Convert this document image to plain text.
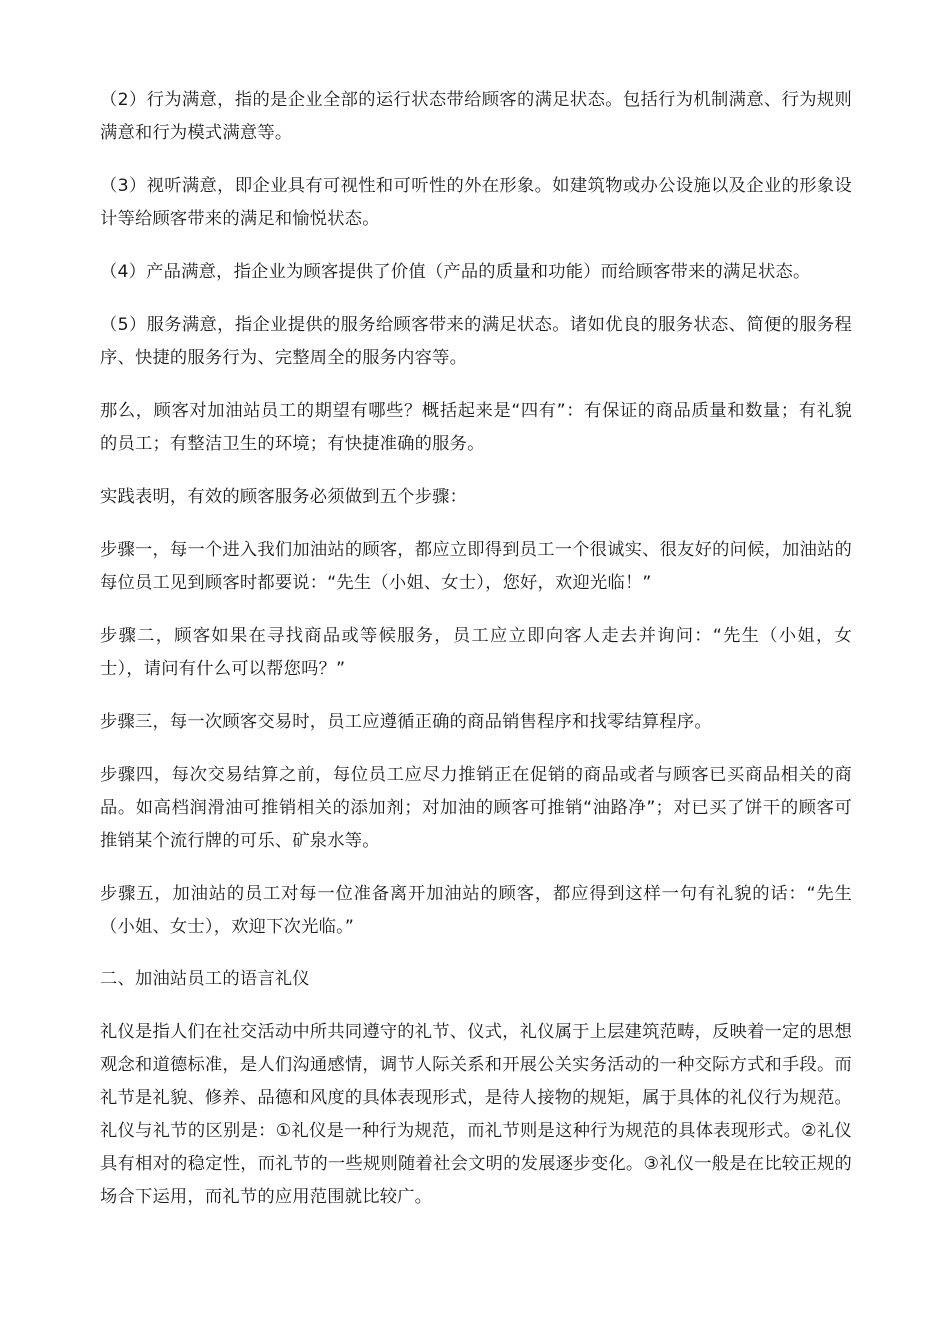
（2）行为满意，指的是企业全部的运行状态带给顾客的满足状态。包括行为机制满意、行为规则满意和行为模式满意等。

（3）视听满意，即企业具有可视性和可听性的外在形象。如建筑物或办公设施以及企业的形象设计等给顾客带来的满足和愉悦状态。

（4）产品满意，指企业为顾客提供了价值（产品的质量和功能）而给顾客带来的满足状态。

（5）服务满意，指企业提供的服务给顾客带来的满足状态。诸如优良的服务状态、简便的服务程序、快捷的服务行为、完整周全的服务内容等。

那么，顾客对加油站员工的期望有哪些？概括起来是“四有”：有保证的商品质量和数量；有礼貌的员工；有整洁卫生的环境；有快捷准确的服务。

实践表明，有效的顾客服务必须做到五个步骤：

步骤一，每一个进入我们加油站的顾客，都应立即得到员工一个很诚实、很友好的问候，加油站的每位员工见到顾客时都要说：“先生（小姐、女士），您好，欢迎光临！”

步骤二，顾客如果在寻找商品或等候服务，员工应立即向客人走去并询问：“先生（小姐，女士），请问有什么可以帮您吗？”

步骤三，每一次顾客交易时，员工应遵循正确的商品销售程序和找零结算程序。

步骤四，每次交易结算之前，每位员工应尽力推销正在促销的商品或者与顾客已买商品相关的商品。如高档润滑油可推销相关的添加剂；对加油的顾客可推销“油路净”；对已买了饼干的顾客可推销某个流行牌的可乐、矿泉水等。

步骤五，加油站的员工对每一位准备离开加油站的顾客，都应得到这样一句有礼貌的话：“先生（小姐、女士），欢迎下次光临。”

二、加油站员工的语言礼仪

礼仪是指人们在社交活动中所共同遵守的礼节、仪式，礼仪属于上层建筑范畴，反映着一定的思想观念和道德标准，是人们沟通感情，调节人际关系和开展公关实务活动的一种交际方式和手段。而礼节是礼貌、修养、品德和风度的具体表现形式，是待人接物的规矩，属于具体的礼仪行为规范。礼仪与礼节的区别是：①礼仪是一种行为规范，而礼节则是这种行为规范的具体表现形式。②礼仪具有相对的稳定性，而礼节的一些规则随着社会文明的发展逐步变化。③礼仪一般是在比较正规的场合下运用，而礼节的应用范围就比较广。
